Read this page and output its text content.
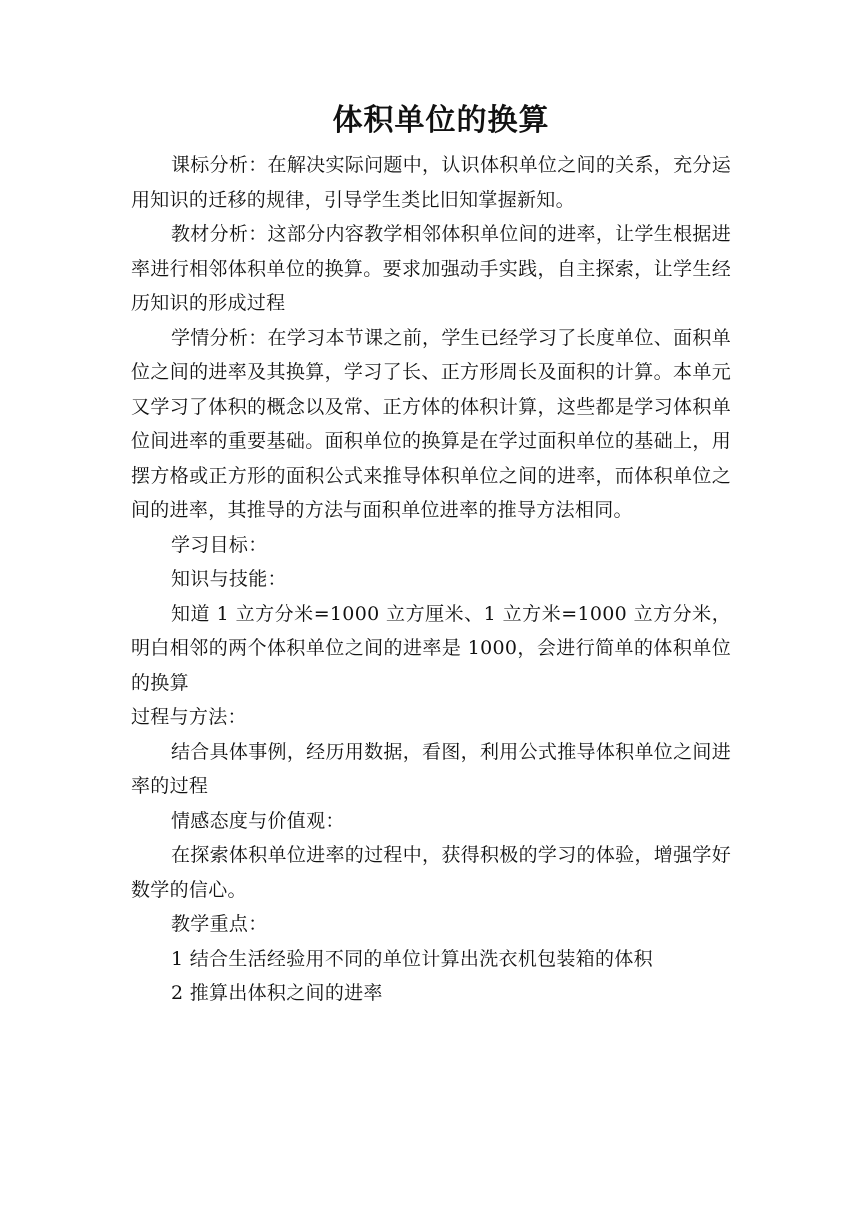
体积单位的换算

课标分析：在解决实际问题中，认识体积单位之间的关系，充分运用知识的迁移的规律，引导学生类比旧知掌握新知。

教材分析：这部分内容教学相邻体积单位间的进率，让学生根据进率进行相邻体积单位的换算。要求加强动手实践，自主探索，让学生经历知识的形成过程

学情分析：在学习本节课之前，学生已经学习了长度单位、面积单位之间的进率及其换算，学习了长、正方形周长及面积的计算。本单元又学习了体积的概念以及常、正方体的体积计算，这些都是学习体积单位间进率的重要基础。面积单位的换算是在学过面积单位的基础上，用摆方格或正方形的面积公式来推导体积单位之间的进率，而体积单位之间的进率，其推导的方法与面积单位进率的推导方法相同。

学习目标：

知识与技能：

知道 1 立方分米=1000 立方厘米、1 立方米=1000 立方分米，明白相邻的两个体积单位之间的进率是 1000，会进行简单的体积单位的换算

过程与方法：

结合具体事例，经历用数据，看图，利用公式推导体积单位之间进率的过程

情感态度与价值观：

在探索体积单位进率的过程中，获得积极的学习的体验，增强学好数学的信心。

教学重点：

1 结合生活经验用不同的单位计算出洗衣机包装箱的体积

2 推算出体积之间的进率
